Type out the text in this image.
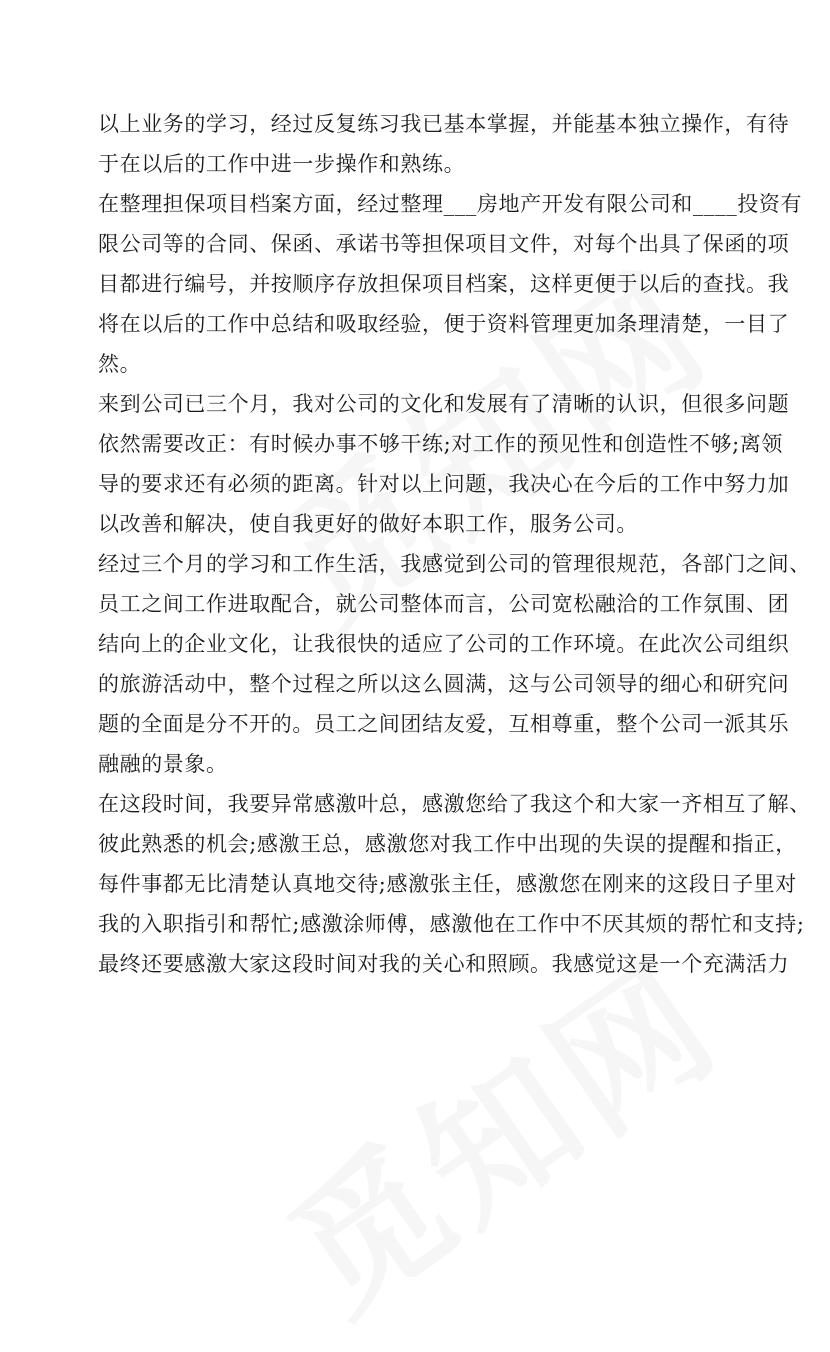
以上业务的学习，经过反复练习我已基本掌握，并能基本独立操作，有待
于在以后的工作中进一步操作和熟练。

在整理担保项目档案方面，经过整理___房地产开发有限公司和____投资有
限公司等的合同、保函、承诺书等担保项目文件，对每个出具了保函的项
目都进行编号，并按顺序存放担保项目档案，这样更便于以后的查找。我
将在以后的工作中总结和吸取经验，便于资料管理更加条理清楚，一目了
然。

来到公司已三个月，我对公司的文化和发展有了清晰的认识，但很多问题
依然需要改正：有时候办事不够干练;对工作的预见性和创造性不够;离领
导的要求还有必须的距离。针对以上问题，我决心在今后的工作中努力加
以改善和解决，使自我更好的做好本职工作，服务公司。

经过三个月的学习和工作生活，我感觉到公司的管理很规范，各部门之间、
员工之间工作进取配合，就公司整体而言，公司宽松融洽的工作氛围、团
结向上的企业文化，让我很快的适应了公司的工作环境。在此次公司组织
的旅游活动中，整个过程之所以这么圆满，这与公司领导的细心和研究问
题的全面是分不开的。员工之间团结友爱，互相尊重，整个公司一派其乐
融融的景象。

在这段时间，我要异常感激叶总，感激您给了我这个和大家一齐相互了解、
彼此熟悉的机会;感激王总，感激您对我工作中出现的失误的提醒和指正，
每件事都无比清楚认真地交待;感激张主任，感激您在刚来的这段日子里对
我的入职指引和帮忙;感激涂师傅，感激他在工作中不厌其烦的帮忙和支持;
最终还要感激大家这段时间对我的关心和照顾。我感觉这是一个充满活力
